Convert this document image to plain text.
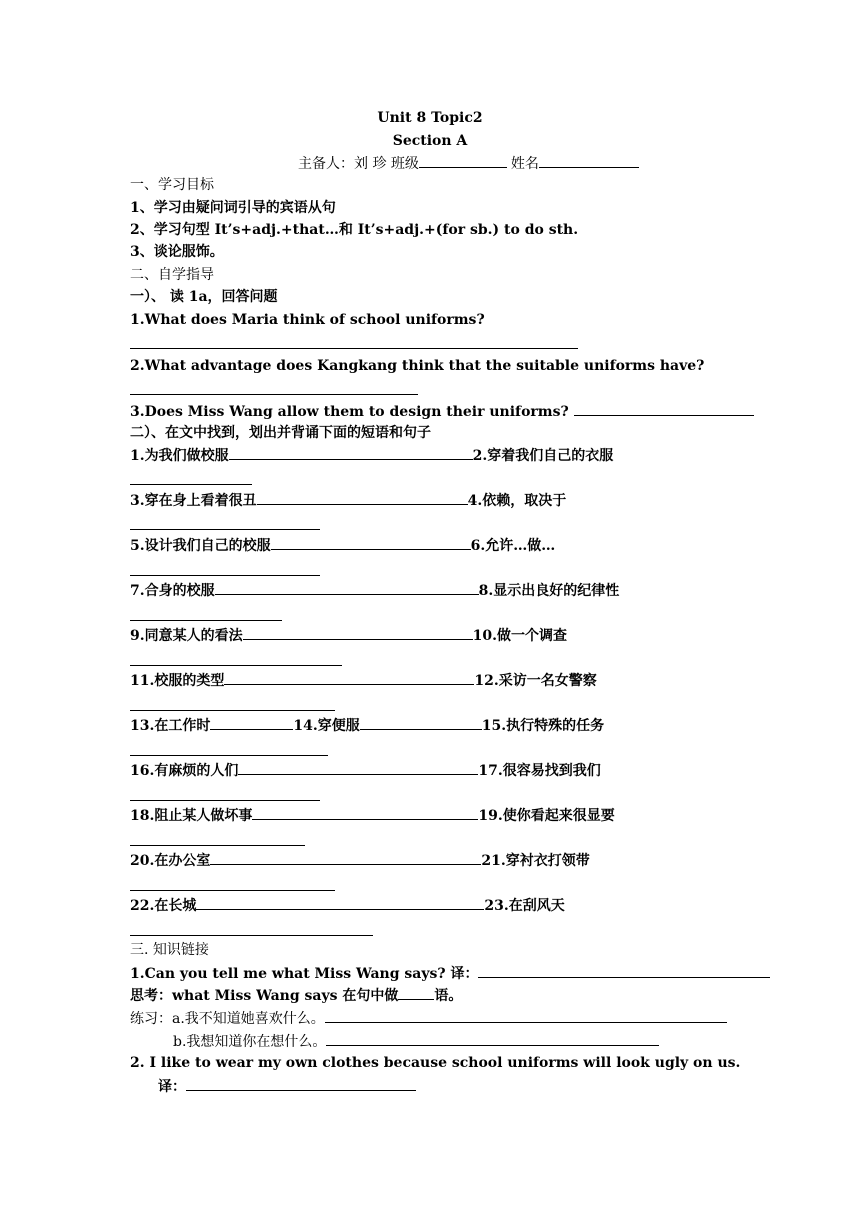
Unit 8 Topic2
Section A
主备人：刘 珍 班级	姓名
一、学习目标
1、学习由疑问词引导的宾语从句
2、学习句型 It’s+adj.+that…和 It’s+adj.+(for sb.) to do sth.
3、谈论服饰。
二、自学指导
一）、 读 1a，回答问题
1.What does Maria think of school uniforms?
2.What advantage does Kangkang think that the suitable uniforms have?
3.Does Miss Wang allow them to design their uniforms?
二）、在文中找到，划出并背诵下面的短语和句子
1.为我们做校服	2.穿着我们自己的衣服
3.穿在身上看着很丑	4.依赖，取决于
5.设计我们自己的校服	6.允许…做…
7.合身的校服	8.显示出良好的纪律性
9.同意某人的看法	10.做一个调查
11.校服的类型	12.采访一名女警察
13.在工作时	14.穿便服	15.执行特殊的任务
16.有麻烦的人们	17.很容易找到我们
18.阻止某人做坏事	19.使你看起来很显要
20.在办公室	21.穿衬衣打领带
22.在长城	23.在刮风天
三. 知识链接
1.Can you tell me what Miss Wang says? 译：
思考：what Miss Wang says 在句中做	语。
练习：a.我不知道她喜欢什么。
b.我想知道你在想什么。
2. I like to wear my own clothes because school uniforms will look ugly on us.
译：
